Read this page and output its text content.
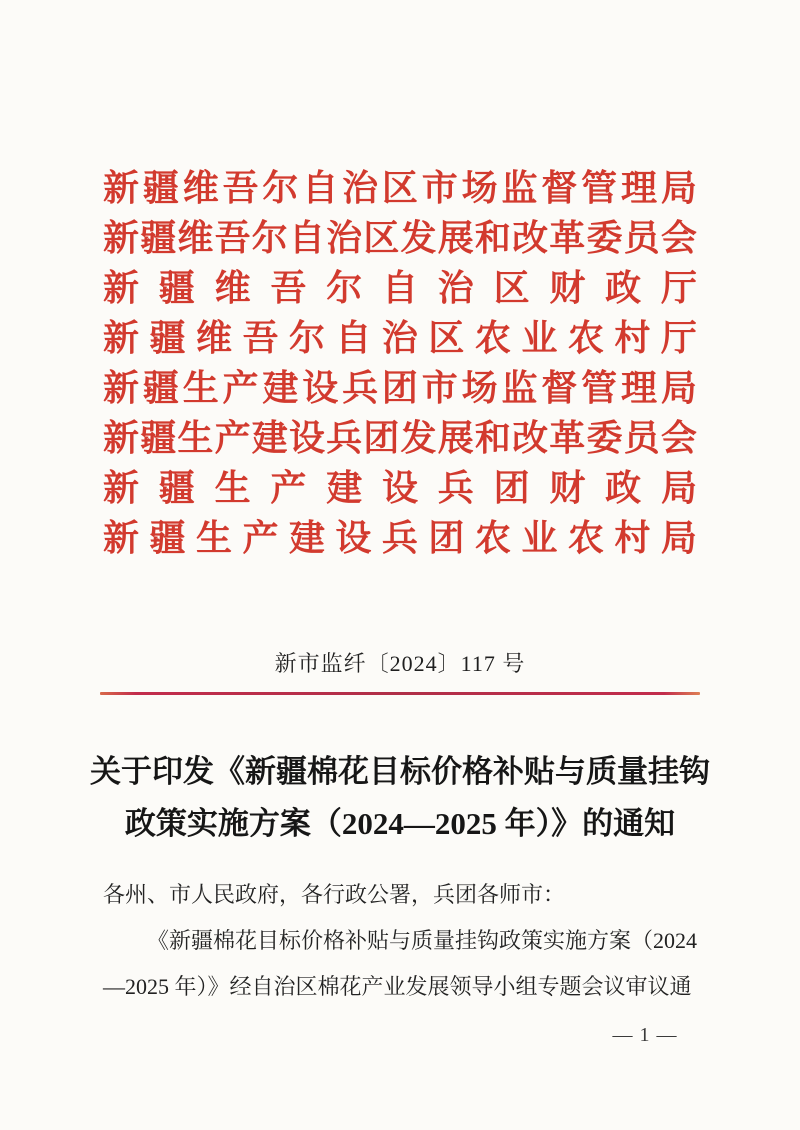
新 疆 维 吾 尔 自 治 区 市 场 监 督 管 理 局
新 疆 维 吾 尔 自 治 区 发 展 和 改 革 委 员 会
新 疆 维 吾 尔 自 治 区 财 政 厅
新 疆 维 吾 尔 自 治 区 农 业 农 村 厅
新 疆 生 产 建 设 兵 团 市 场 监 督 管 理 局
新 疆 生 产 建 设 兵 团 发 展 和 改 革 委 员 会
新 疆 生 产 建 设 兵 团 财 政 局
新 疆 生 产 建 设 兵 团 农 业 农 村 局
新市监纤〔2024〕117 号
关于印发《新疆棉花目标价格补贴与质量挂钩
政策实施方案（2024—2025 年）》的通知
各州、市人民政府，各行政公署，兵团各师市：
《新疆棉花目标价格补贴与质量挂钩政策实施方案（2024
—2025 年）》经自治区棉花产业发展领导小组专题会议审议通
— 1 —
